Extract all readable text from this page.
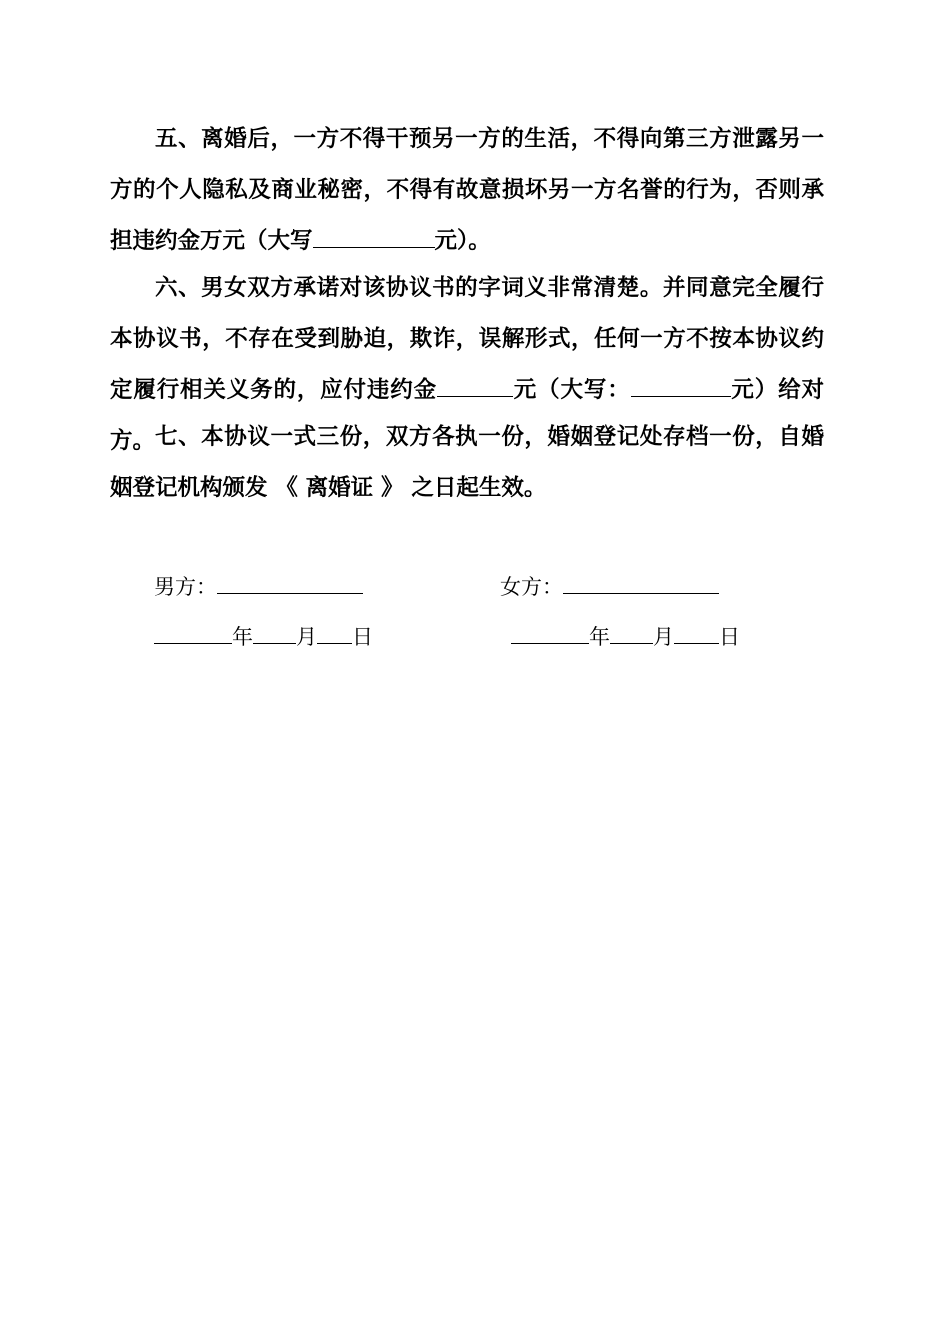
五、离婚后，一方不得干预另一方的生活，不得向第三方泄露另一方的个人隐私及商业秘密，不得有故意损坏另一方名誉的行为，否则承担违约金万元（大写	元）。

六、男女双方承诺对该协议书的字词义非常清楚。并同意完全履行本协议书，不存在受到胁迫，欺诈，误解形式，任何一方不按本协议约定履行相关义务的，应付违约金	元（大写：	元）给对方。 七、本协议一式三份，双方各执一份，婚姻登记处存档一份，自婚姻登记机构颁发 《 离婚证 》 之日起生效。

男方：	女方：
年 月 日	年 月 日
